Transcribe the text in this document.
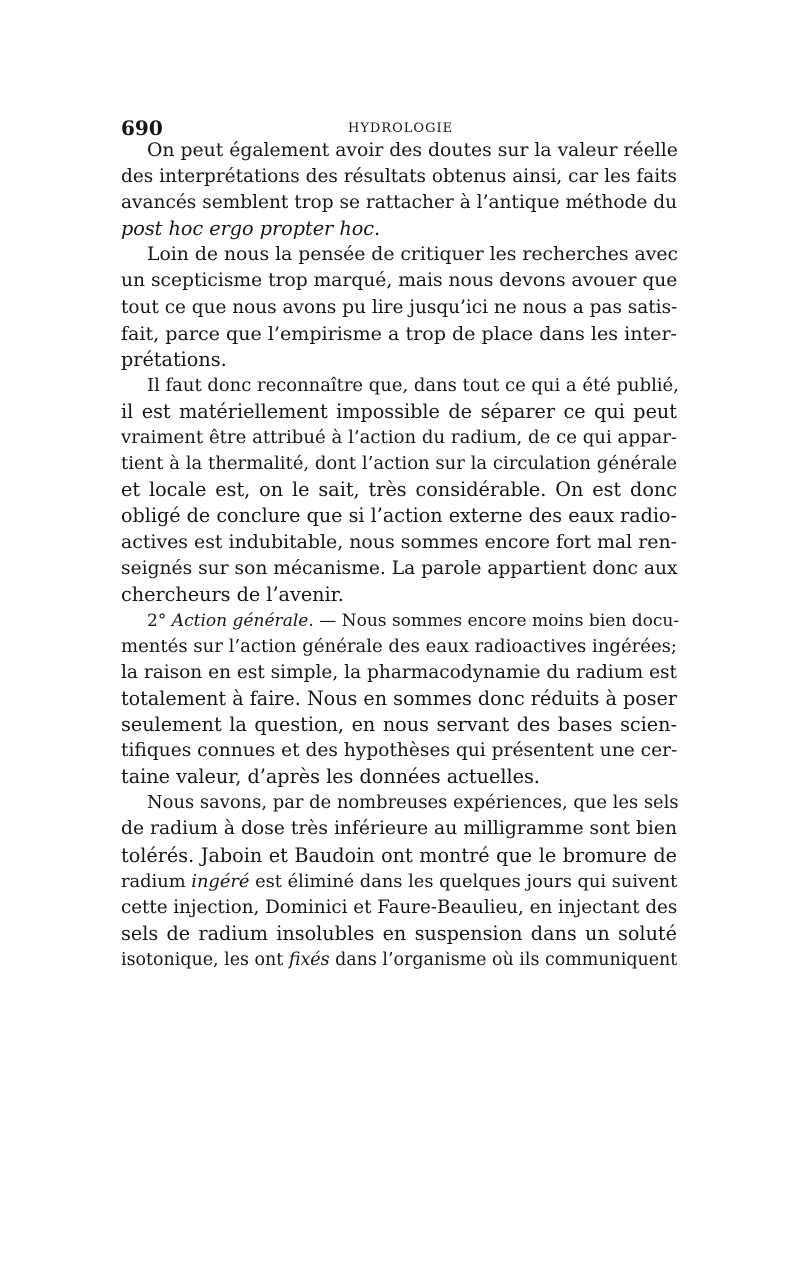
690	HYDROLOGIE
On peut également avoir des doutes sur la valeur réelle
des interprétations des résultats obtenus ainsi, car les faits
avancés semblent trop se rattacher à l’antique méthode du
post hoc ergo propter hoc.
Loin de nous la pensée de critiquer les recherches avec
un scepticisme trop marqué, mais nous devons avouer que
tout ce que nous avons pu lire jusqu’ici ne nous a pas satis-
fait, parce que l’empirisme a trop de place dans les inter-
prétations.
Il faut donc reconnaître que, dans tout ce qui a été publié,
il est matériellement impossible de séparer ce qui peut
vraiment être attribué à l’action du radium, de ce qui appar-
tient à la thermalité, dont l’action sur la circulation générale
et locale est, on le sait, très considérable. On est donc
obligé de conclure que si l’action externe des eaux radio-
actives est indubitable, nous sommes encore fort mal ren-
seignés sur son mécanisme. La parole appartient donc aux
chercheurs de l’avenir.
2° Action générale. — Nous sommes encore moins bien docu-
mentés sur l’action générale des eaux radioactives ingérées;
la raison en est simple, la pharmacodynamie du radium est
totalement à faire. Nous en sommes donc réduits à poser
seulement la question, en nous servant des bases scien-
tifiques connues et des hypothèses qui présentent une cer-
taine valeur, d’après les données actuelles.
Nous savons, par de nombreuses expériences, que les sels
de radium à dose très inférieure au milligramme sont bien
tolérés. Jaboin et Baudoin ont montré que le bromure de
radium ingéré est éliminé dans les quelques jours qui suivent
cette injection, Dominici et Faure-Beaulieu, en injectant des
sels de radium insolubles en suspension dans un soluté
isotonique, les ont fixés dans l’organisme où ils communiquent
